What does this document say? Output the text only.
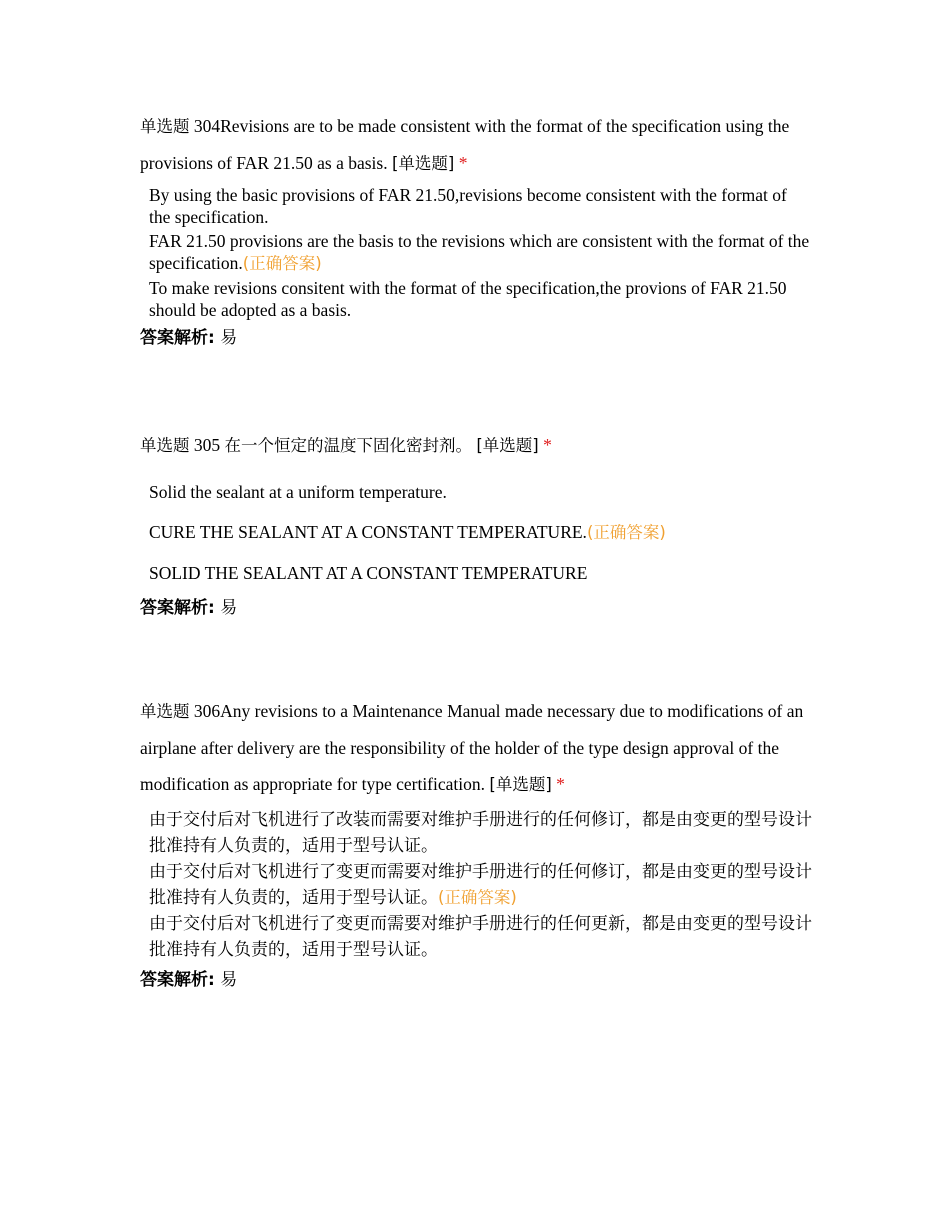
单选题 304Revisions are to be made consistent with the format of the specification using the provisions of FAR 21.50 as a basis. [单选题] *

By using the basic provisions of FAR 21.50,revisions become consistent with the format of the specification.
FAR 21.50 provisions are the basis to the revisions which are consistent with the format of the specification.(正确答案)
To make revisions consitent with the format of the specification,the provions of FAR 21.50 should be adopted as a basis.

答案解析: 易

单选题 305 在一个恒定的温度下固化密封剂。 [单选题] *

Solid the sealant at a uniform temperature.
CURE THE SEALANT AT A CONSTANT TEMPERATURE.(正确答案)
SOLID THE SEALANT AT A CONSTANT TEMPERATURE

答案解析: 易

单选题 306Any revisions to a Maintenance Manual made necessary due to modifications of an airplane after delivery are the responsibility of the holder of the type design approval of the modification as appropriate for type certification. [单选题] *

由于交付后对飞机进行了改装而需要对维护手册进行的任何修订，都是由变更的型号设计批准持有人负责的，适用于型号认证。
由于交付后对飞机进行了变更而需要对维护手册进行的任何修订，都是由变更的型号设计批准持有人负责的，适用于型号认证。(正确答案)
由于交付后对飞机进行了变更而需要对维护手册进行的任何更新，都是由变更的型号设计批准持有人负责的，适用于型号认证。

答案解析: 易
